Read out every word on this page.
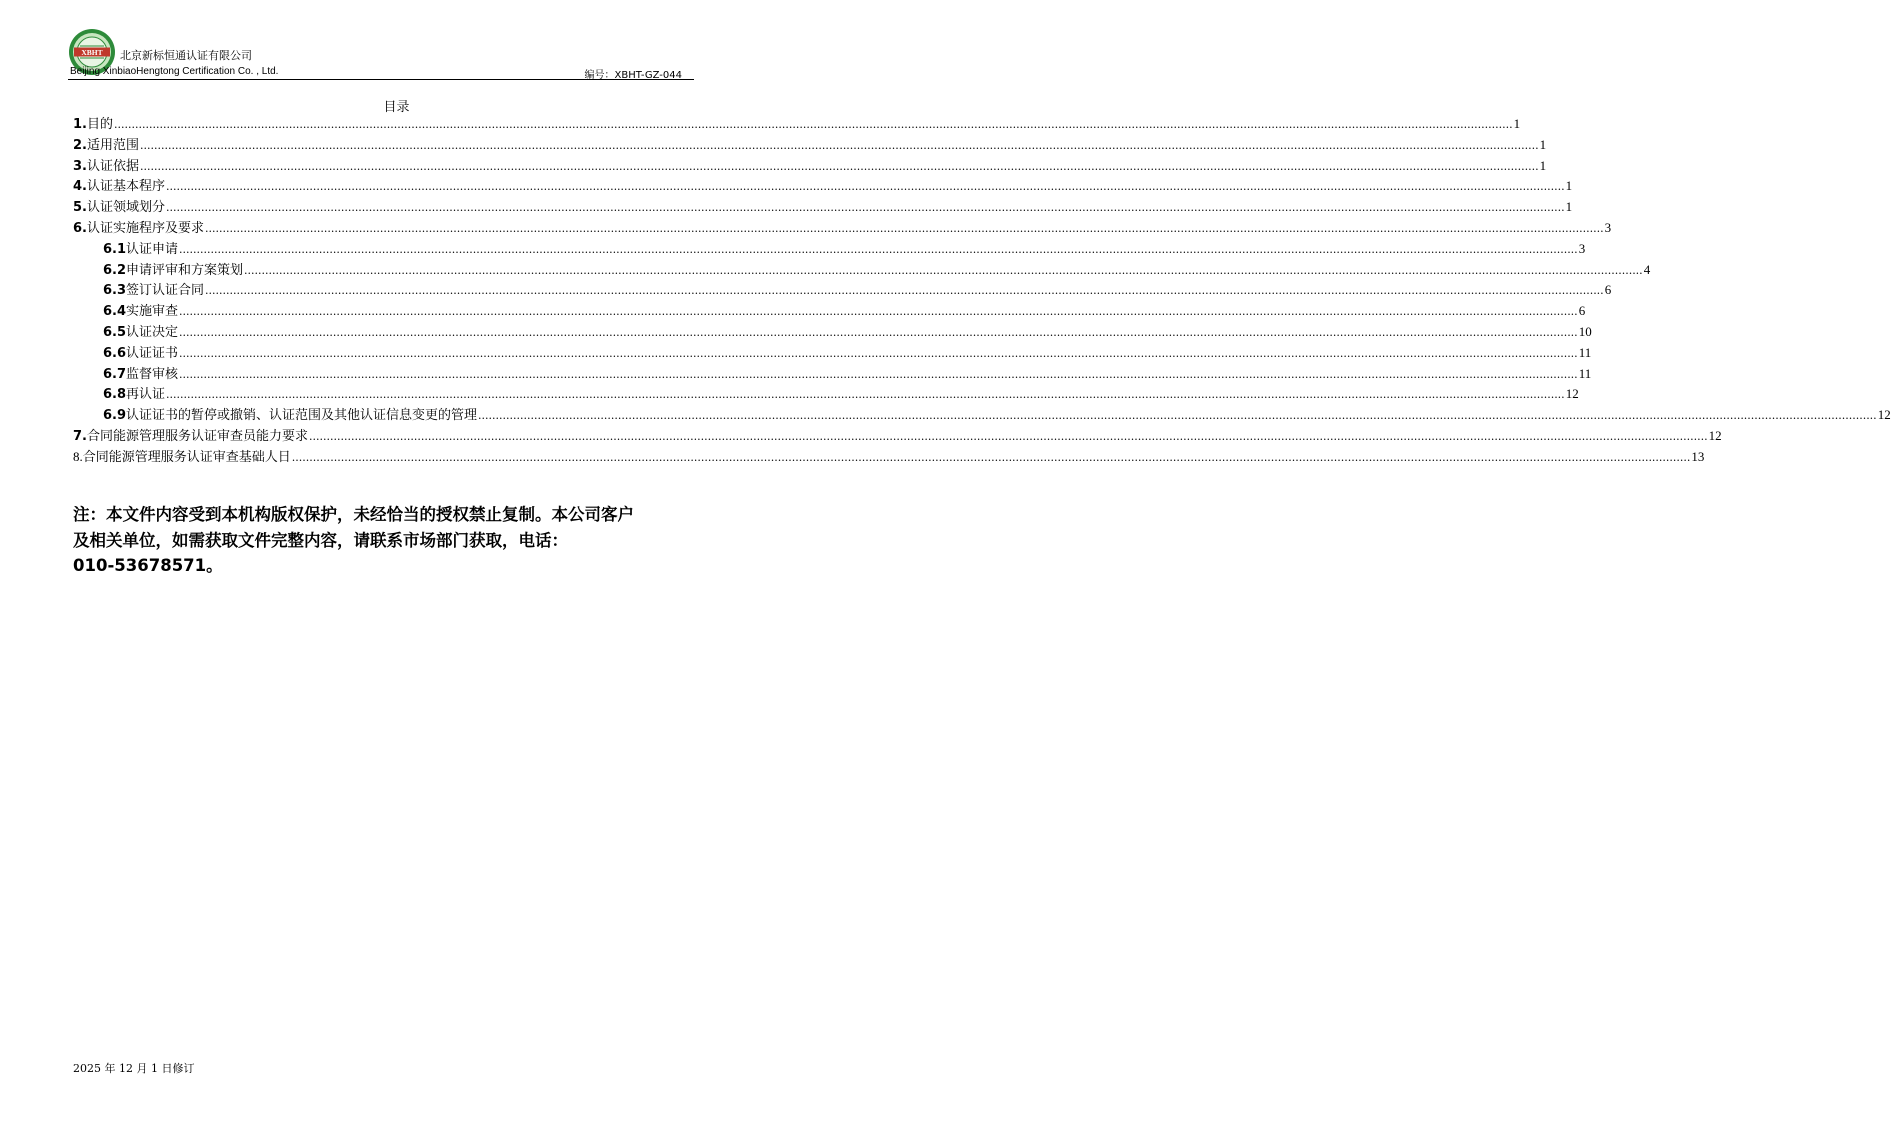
XBHT 北京新标恒通认证有限公司
Beijing XinbiaoHengtong Certification Co. , Ltd.	编号：XBHT-GZ-044
目录
1. 目的 ................................................................................................................................................................................................................................................................................................................................................................................................................ 1
2. 适用范围 ................................................................................................................................................................................................................................................................................................................................................................................................................ 1
3. 认证依据 ................................................................................................................................................................................................................................................................................................................................................................................................................ 1
4. 认证基本程序 ................................................................................................................................................................................................................................................................................................................................................................................................................ 1
5. 认证领域划分 ................................................................................................................................................................................................................................................................................................................................................................................................................ 1
6. 认证实施程序及要求 ................................................................................................................................................................................................................................................................................................................................................................................................................ 3
6.1 认证申请 ................................................................................................................................................................................................................................................................................................................................................................................................................ 3
6.2 申请评审和方案策划 ................................................................................................................................................................................................................................................................................................................................................................................................................ 4
6.3 签订认证合同 ................................................................................................................................................................................................................................................................................................................................................................................................................ 6
6.4 实施审查 ................................................................................................................................................................................................................................................................................................................................................................................................................ 6
6.5 认证决定 ................................................................................................................................................................................................................................................................................................................................................................................................................ 10
6.6 认证证书 ................................................................................................................................................................................................................................................................................................................................................................................................................ 11
6.7 监督审核 ................................................................................................................................................................................................................................................................................................................................................................................................................ 11
6.8 再认证 ................................................................................................................................................................................................................................................................................................................................................................................................................ 12
6.9 认证证书的暂停或撤销、认证范围及其他认证信息变更的管理 ................................................................................................................................................................................................................................................................................................................................................................................................................ 12
7. 合同能源管理服务认证审查员能力要求 ................................................................................................................................................................................................................................................................................................................................................................................................................ 12
8. 合同能源管理服务认证审查基础人日 ................................................................................................................................................................................................................................................................................................................................................................................................................ 13
注：本文件内容受到本机构版权保护，未经恰当的授权禁止复制。本公司客户
及相关单位，如需获取文件完整内容，请联系市场部门获取，电话：
010-53678571。
2025 年 12 月 1 日修订
